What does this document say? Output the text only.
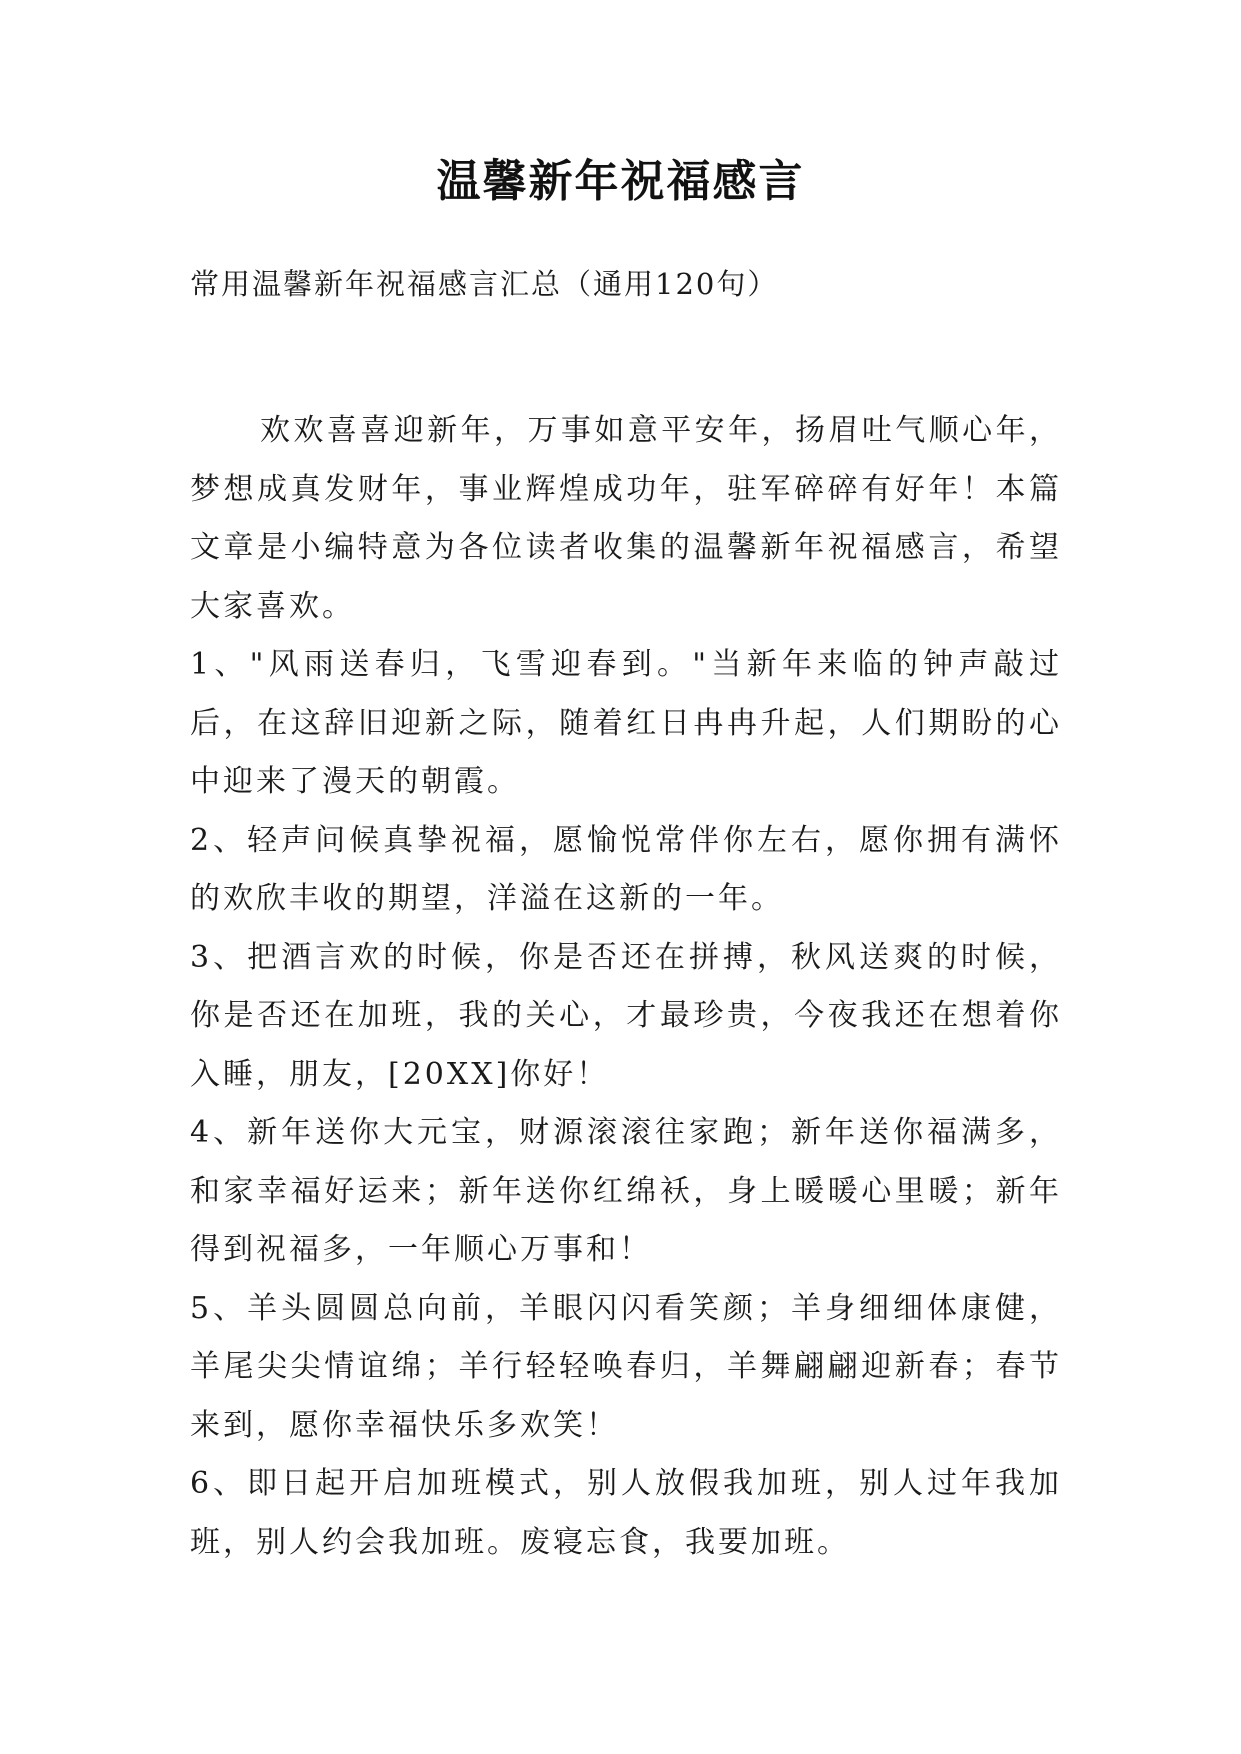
温馨新年祝福感言
常用温馨新年祝福感言汇总（通用120句）

欢欢喜喜迎新年，万事如意平安年，扬眉吐气顺心年，梦想成真发财年，事业辉煌成功年，驻军碎碎有好年！本篇文章是小编特意为各位读者收集的温馨新年祝福感言，希望大家喜欢。

1、"风雨送春归，飞雪迎春到。"当新年来临的钟声敲过后，在这辞旧迎新之际，随着红日冉冉升起，人们期盼的心中迎来了漫天的朝霞。

2、轻声问候真挚祝福，愿愉悦常伴你左右，愿你拥有满怀的欢欣丰收的期望，洋溢在这新的一年。

3、把酒言欢的时候，你是否还在拼搏，秋风送爽的时候，你是否还在加班，我的关心，才最珍贵，今夜我还在想着你入睡，朋友，[20XX]你好！

4、新年送你大元宝，财源滚滚往家跑；新年送你福满多，和家幸福好运来；新年送你红绵袄，身上暖暖心里暖；新年得到祝福多，一年顺心万事和！

5、羊头圆圆总向前，羊眼闪闪看笑颜；羊身细细体康健，羊尾尖尖情谊绵；羊行轻轻唤春归，羊舞翩翩迎新春；春节来到，愿你幸福快乐多欢笑！

6、即日起开启加班模式，别人放假我加班，别人过年我加班，别人约会我加班。废寝忘食，我要加班。
